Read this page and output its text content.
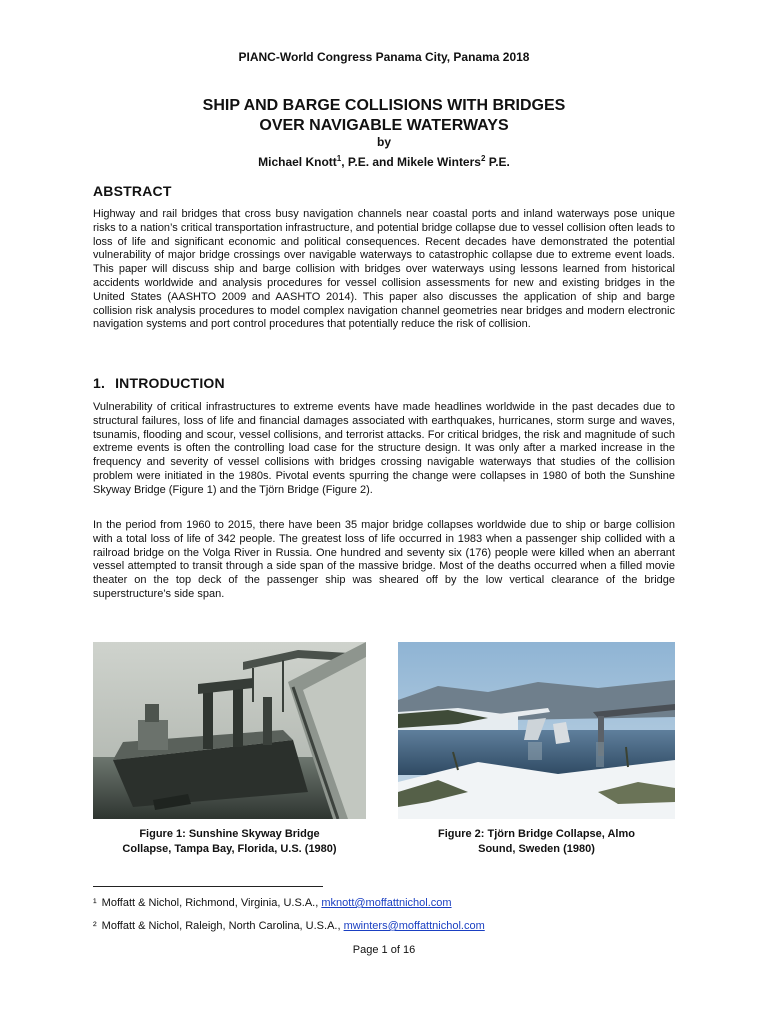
PIANC-World Congress Panama City, Panama 2018
SHIP AND BARGE COLLISIONS WITH BRIDGES
OVER NAVIGABLE WATERWAYS
by
Michael Knott$^1$, P.E. and Mikele Winters$^2$ P.E.
ABSTRACT

Highway and rail bridges that cross busy navigation channels near coastal ports and inland waterways pose unique risks to a nation’s critical transportation infrastructure, and potential bridge collapse due to vessel collision often leads to loss of life and significant economic and political consequences. Recent decades have demonstrated the potential vulnerability of major bridge crossings over navigable waterways to catastrophic collapse due to extreme event loads. This paper will discuss ship and barge collision with bridges over waterways using lessons learned from historical accidents worldwide and analysis procedures for vessel collision assessments for new and existing bridges in the United States (AASHTO 2009 and AASHTO 2014). This paper also discusses the application of ship and barge collision risk analysis procedures to model complex navigation channel geometries near bridges and modern electronic navigation systems and port control procedures that potentially reduce the risk of collision.

1. INTRODUCTION

Vulnerability of critical infrastructures to extreme events have made headlines worldwide in the past decades due to structural failures, loss of life and financial damages associated with earthquakes, hurricanes, storm surge and waves, tsunamis, flooding and scour, vessel collisions, and terrorist attacks. For critical bridges, the risk and magnitude of such extreme events is often the controlling load case for the structure design. It was only after a marked increase in the frequency and severity of vessel collisions with bridges crossing navigable waterways that studies of the collision problem were initiated in the 1980s. Pivotal events spurring the change were collapses in 1980 of both the Sunshine Skyway Bridge (Figure 1) and the Tjörn Bridge (Figure 2).

In the period from 1960 to 2015, there have been 35 major bridge collapses worldwide due to ship or barge collision with a total loss of life of 342 people. The greatest loss of life occurred in 1983 when a passenger ship collided with a railroad bridge on the Volga River in Russia. One hundred and seventy six (176) people were killed when an aberrant vessel attempted to transit through a side span of the massive bridge. Most of the deaths occurred when a filled movie theater on the top deck of the passenger ship was sheared off by the low vertical clearance of the bridge superstructure’s side span.

Figure 1: Sunshine Skyway Bridge
Collapse, Tampa Bay, Florida, U.S. (1980)
Figure 2: Tjörn Bridge Collapse, Almo
Sound, Sweden (1980)
¹ Moffatt & Nichol, Richmond, Virginia, U.S.A., mknott@moffattnichol.com
² Moffatt & Nichol, Raleigh, North Carolina, U.S.A., mwinters@moffattnichol.com
Page 1 of 16
